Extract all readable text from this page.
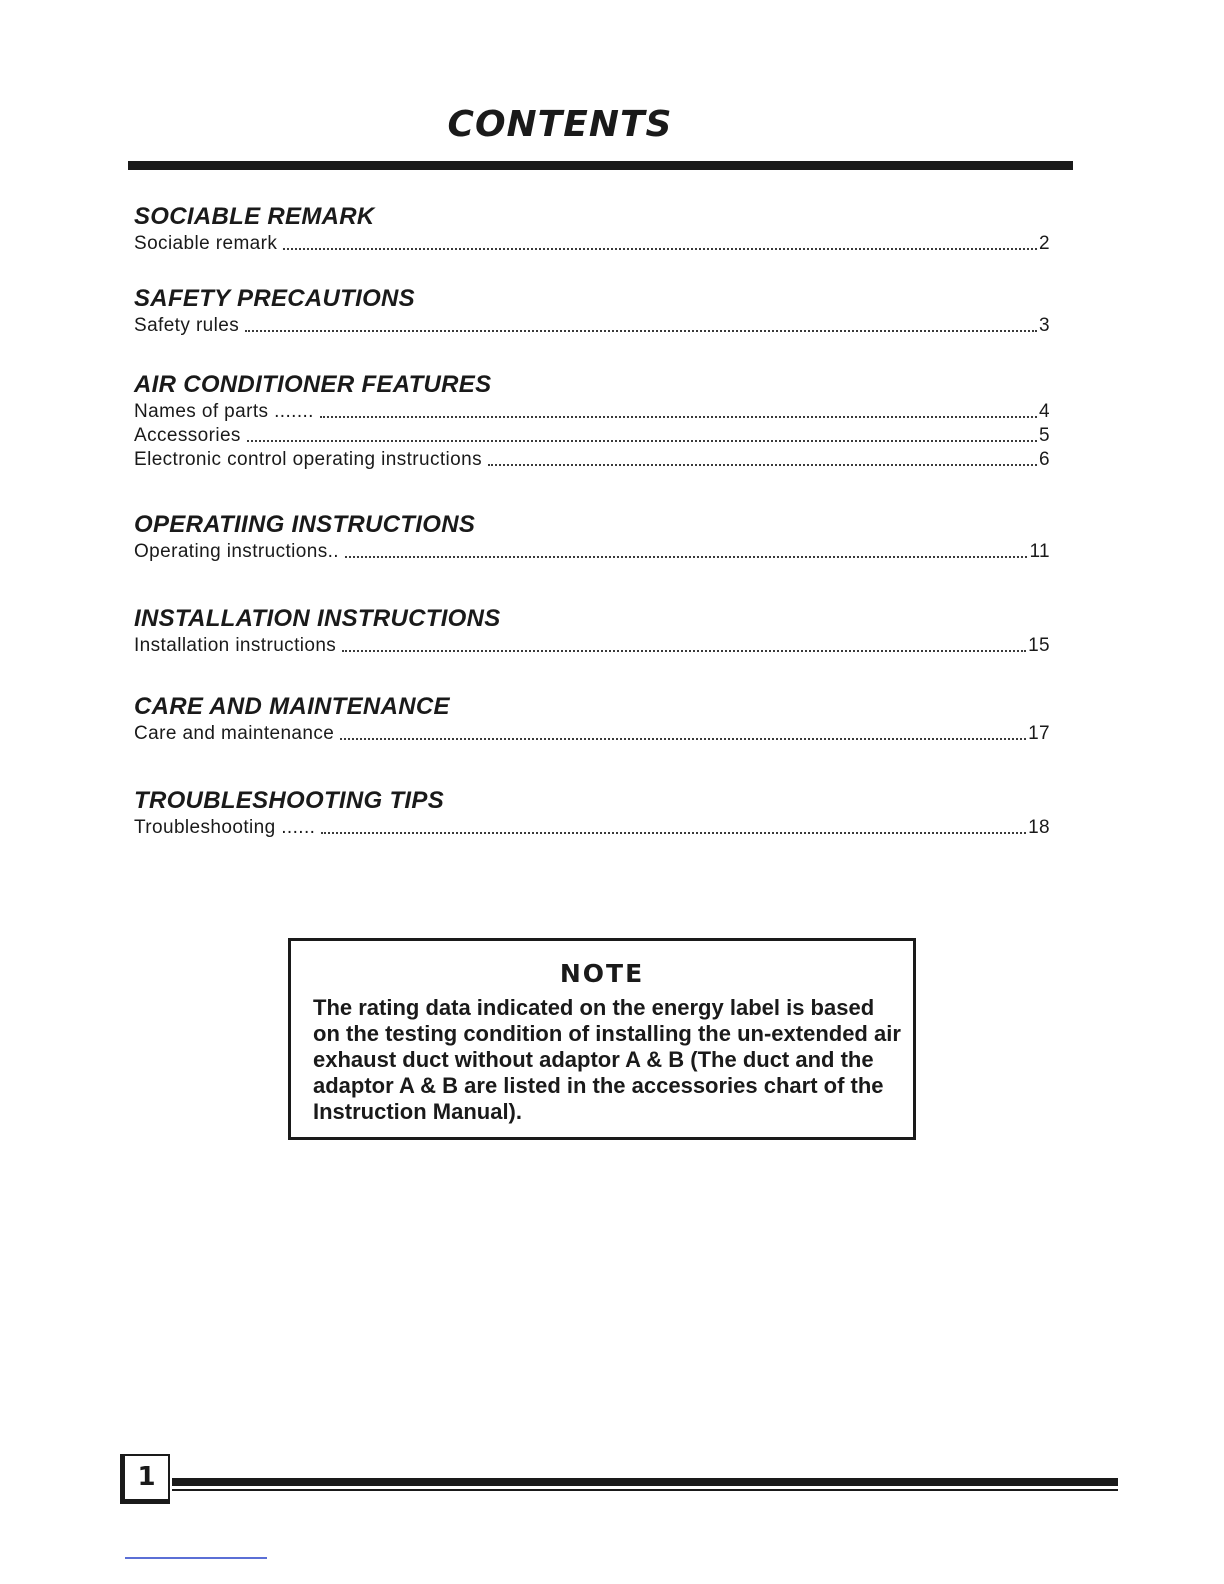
CONTENTS
SOCIABLE REMARK
Sociable remark	2
SAFETY PRECAUTIONS
Safety rules	3
AIR CONDITIONER FEATURES
Names of parts .......	4
Accessories	5
Electronic control operating instructions	6
OPERATIING INSTRUCTIONS
Operating instructions..	11
INSTALLATION INSTRUCTIONS
Installation instructions	15
CARE AND MAINTENANCE
Care and maintenance	17
TROUBLESHOOTING TIPS
Troubleshooting ......	18
NOTE
The rating data indicated on the energy label is based on the testing condition of installing the un-extended air exhaust duct without adaptor A & B (The duct and the adaptor A & B are listed in the accessories chart of the Instruction Manual).
1
